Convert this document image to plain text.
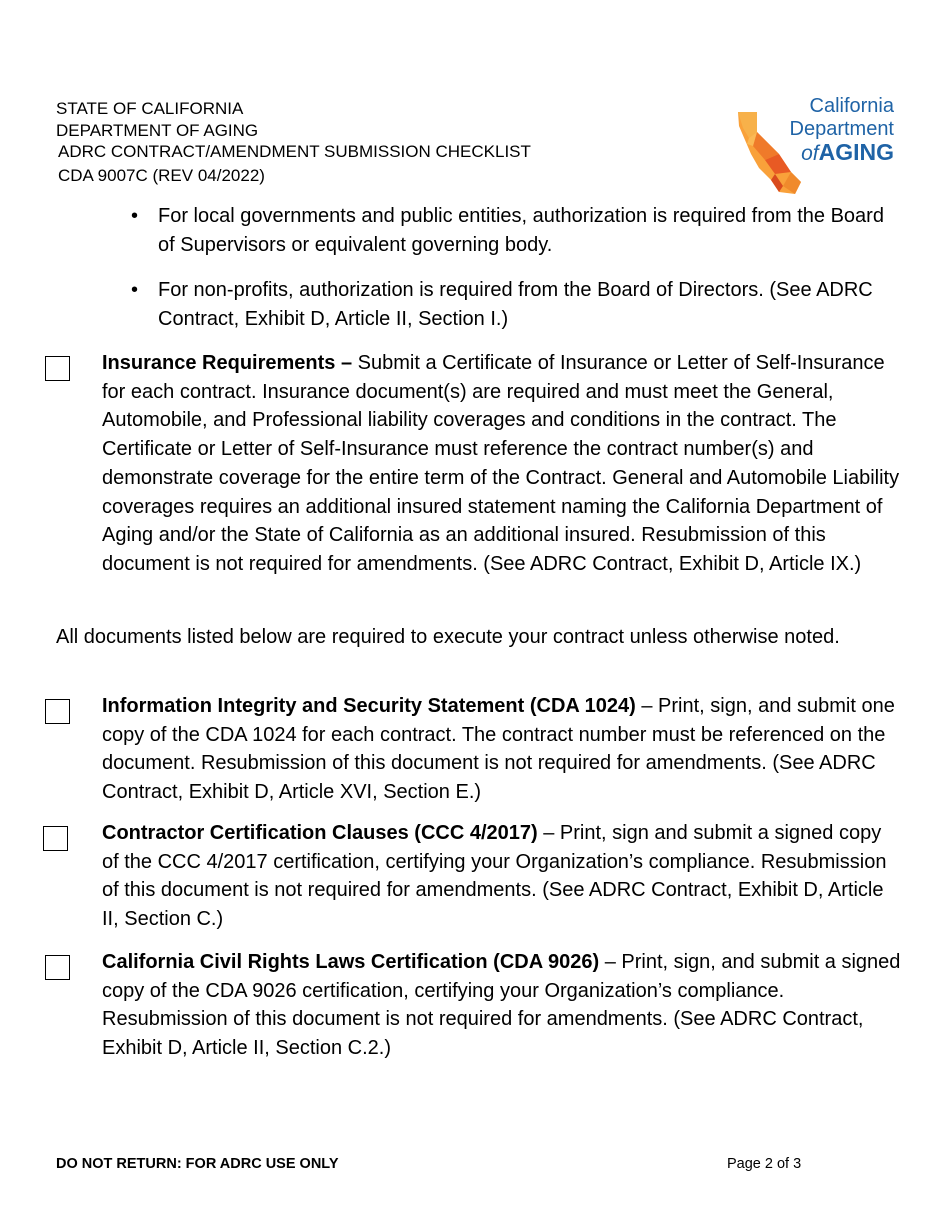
STATE OF CALIFORNIA
DEPARTMENT OF AGING
ADRC CONTRACT/AMENDMENT SUBMISSION CHECKLIST
CDA 9007C (REV 04/2022)
California
Department
ofAGING
• For local governments and public entities, authorization is required from the Board of Supervisors or equivalent governing body.
• For non-profits, authorization is required from the Board of Directors. (See ADRC Contract, Exhibit D, Article II, Section I.)
Insurance Requirements – Submit a Certificate of Insurance or Letter of Self-Insurance for each contract. Insurance document(s) are required and must meet the General, Automobile, and Professional liability coverages and conditions in the contract. The Certificate or Letter of Self-Insurance must reference the contract number(s) and demonstrate coverage for the entire term of the Contract. General and Automobile Liability coverages requires an additional insured statement naming the California Department of Aging and/or the State of California as an additional insured. Resubmission of this document is not required for amendments. (See ADRC Contract, Exhibit D, Article IX.)
All documents listed below are required to execute your contract unless otherwise noted.
Information Integrity and Security Statement (CDA 1024) – Print, sign, and submit one copy of the CDA 1024 for each contract. The contract number must be referenced on the document. Resubmission of this document is not required for amendments. (See ADRC Contract, Exhibit D, Article XVI, Section E.)
Contractor Certification Clauses (CCC 4/2017) – Print, sign and submit a signed copy of the CCC 4/2017 certification, certifying your Organization’s compliance. Resubmission of this document is not required for amendments. (See ADRC Contract, Exhibit D, Article II, Section C.)
California Civil Rights Laws Certification (CDA 9026) – Print, sign, and submit a signed copy of the CDA 9026 certification, certifying your Organization’s compliance. Resubmission of this document is not required for amendments. (See ADRC Contract, Exhibit D, Article II, Section C.2.)
DO NOT RETURN: FOR ADRC USE ONLY	Page 2 of 3
